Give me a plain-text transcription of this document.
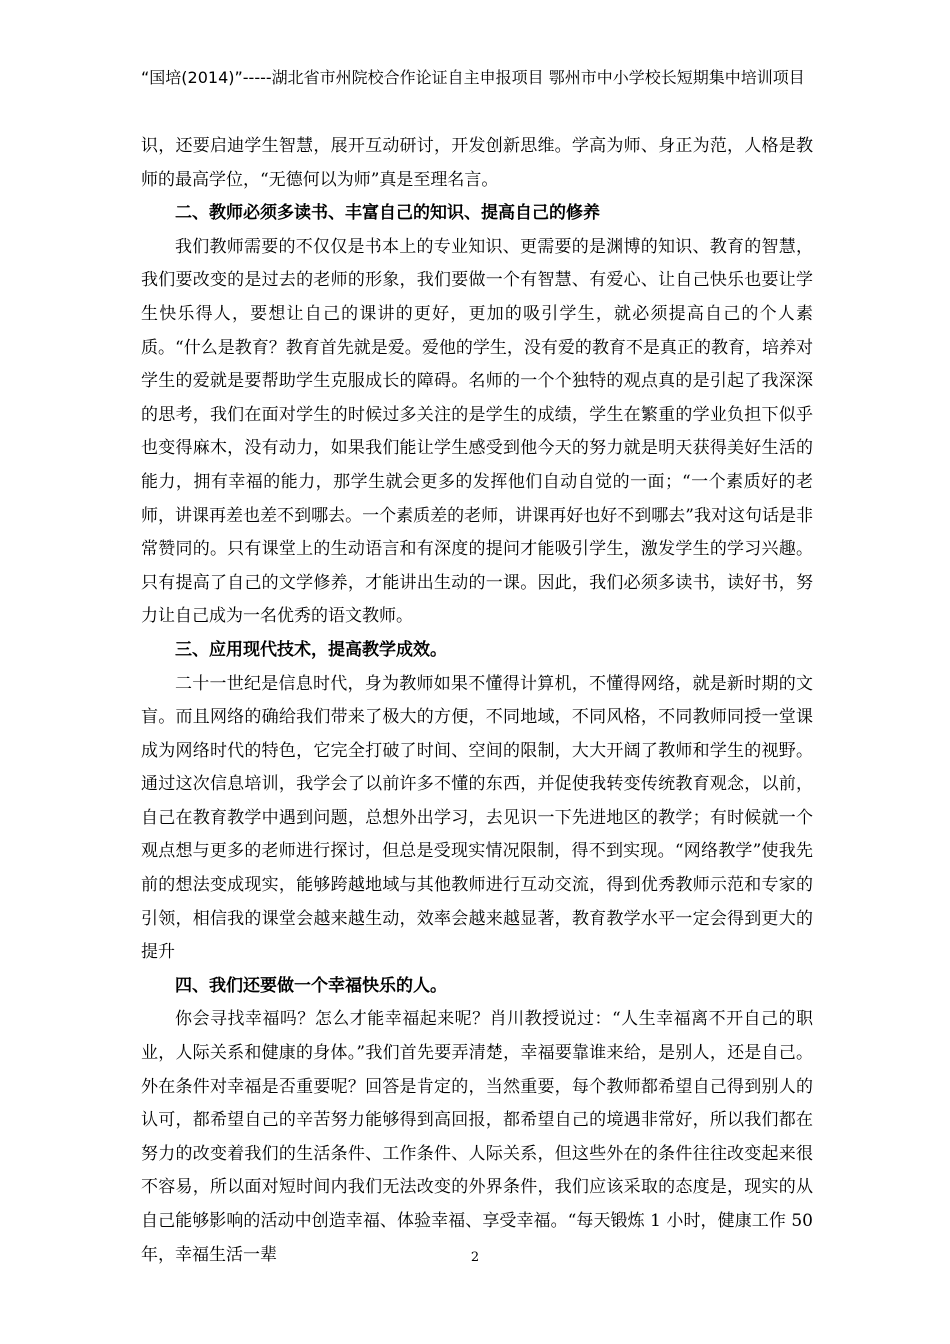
“国培(2014)”-----湖北省市州院校合作论证自主申报项目 鄂州市中小学校长短期集中培训项目

识，还要启迪学生智慧，展开互动研讨，开发创新思维。学高为师、身正为范，人格是教师的最高学位，“无德何以为师”真是至理名言。

二、教师必须多读书、丰富自己的知识、提高自己的修养

我们教师需要的不仅仅是书本上的专业知识、更需要的是渊博的知识、教育的智慧，我们要改变的是过去的老师的形象，我们要做一个有智慧、有爱心、让自己快乐也要让学生快乐得人，要想让自己的课讲的更好，更加的吸引学生，就必须提高自己的个人素质。“什么是教育？教育首先就是爱。爱他的学生，没有爱的教育不是真正的教育，培养对学生的爱就是要帮助学生克服成长的障碍。名师的一个个独特的观点真的是引起了我深深的思考，我们在面对学生的时候过多关注的是学生的成绩，学生在繁重的学业负担下似乎也变得麻木，没有动力，如果我们能让学生感受到他今天的努力就是明天获得美好生活的能力，拥有幸福的能力，那学生就会更多的发挥他们自动自觉的一面；“一个素质好的老师，讲课再差也差不到哪去。一个素质差的老师，讲课再好也好不到哪去”我对这句话是非常赞同的。只有课堂上的生动语言和有深度的提问才能吸引学生，激发学生的学习兴趣。只有提高了自己的文学修养，才能讲出生动的一课。因此，我们必须多读书，读好书，努力让自己成为一名优秀的语文教师。

三、应用现代技术，提高教学成效。

二十一世纪是信息时代，身为教师如果不懂得计算机，不懂得网络，就是新时期的文盲。而且网络的确给我们带来了极大的方便，不同地域，不同风格，不同教师同授一堂课成为网络时代的特色，它完全打破了时间、空间的限制，大大开阔了教师和学生的视野。通过这次信息培训，我学会了以前许多不懂的东西，并促使我转变传统教育观念，以前，自己在教育教学中遇到问题，总想外出学习，去见识一下先进地区的教学；有时候就一个观点想与更多的老师进行探讨，但总是受现实情况限制，得不到实现。“网络教学”使我先前的想法变成现实，能够跨越地域与其他教师进行互动交流，得到优秀教师示范和专家的引领，相信我的课堂会越来越生动，效率会越来越显著，教育教学水平一定会得到更大的提升

四、我们还要做一个幸福快乐的人。

你会寻找幸福吗？怎么才能幸福起来呢？肖川教授说过：“人生幸福离不开自己的职业，人际关系和健康的身体。”我们首先要弄清楚，幸福要靠谁来给，是别人，还是自己。外在条件对幸福是否重要呢？回答是肯定的，当然重要，每个教师都希望自己得到别人的认可，都希望自己的辛苦努力能够得到高回报，都希望自己的境遇非常好，所以我们都在努力的改变着我们的生活条件、工作条件、人际关系，但这些外在的条件往往改变起来很不容易，所以面对短时间内我们无法改变的外界条件，我们应该采取的态度是，现实的从自己能够影响的活动中创造幸福、体验幸福、享受幸福。“每天锻炼 1 小时，健康工作 50 年，幸福生活一辈	2
